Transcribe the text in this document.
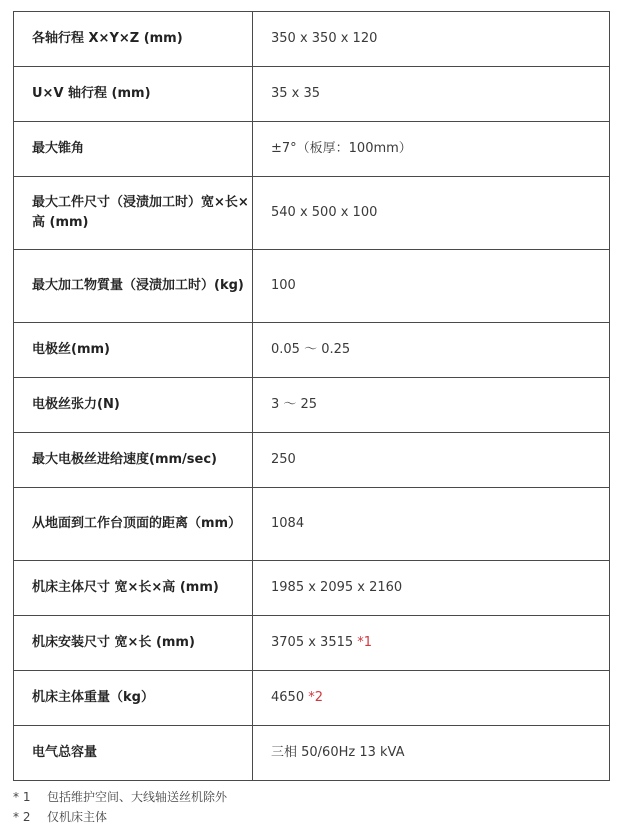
各轴行程 X×Y×Z (mm)	350 x 350 x 120
U×V 轴行程 (mm)	35 x 35
最大锥角	±7°（板厚：100mm）
最大工件尺寸（浸渍加工时）宽×长×高 (mm)	540 x 500 x 100
最大加工物質量（浸渍加工时）(kg)	100
电极丝(mm)	0.05 ～ 0.25
电极丝张力(N)	3 ～ 25
最大电极丝进给速度(mm/sec)	250
从地面到工作台顶面的距离（mm）	1084
机床主体尺寸 宽×长×高 (mm)	1985 x 2095 x 2160
机床安装尺寸 宽×长 (mm)	3705 x 3515 *1
机床主体重量（kg）	4650 *2
电气总容量	三相 50/60Hz 13 kVA
* 1	包括维护空间、大线轴送丝机除外
* 2	仅机床主体
